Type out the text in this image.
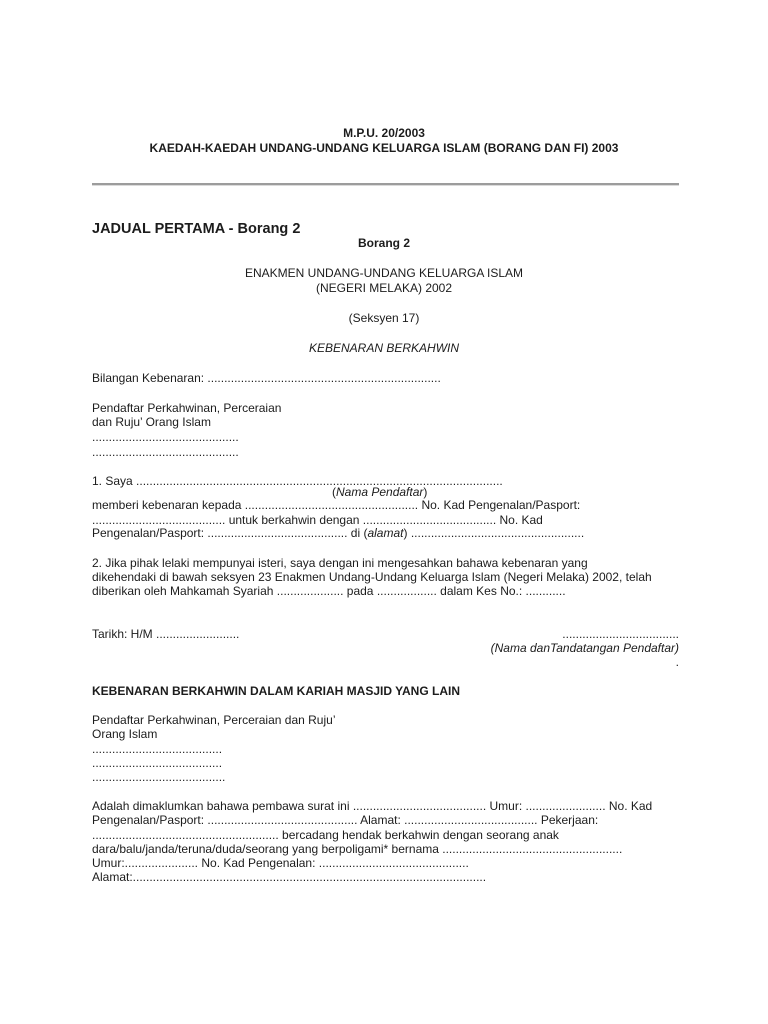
M.P.U. 20/2003
KAEDAH-KAEDAH UNDANG-UNDANG KELUARGA ISLAM (BORANG DAN FI) 2003
JADUAL PERTAMA - Borang 2
Borang 2
ENAKMEN UNDANG-UNDANG KELUARGA ISLAM
(NEGERI MELAKA) 2002
(Seksyen 17)
KEBENARAN BERKAHWIN
Bilangan Kebenaran: ......................................................................
Pendaftar Perkahwinan, Perceraian
dan Ruju’ Orang Islam
............................................
............................................
1. Saya ..............................................................................................................
(Nama Pendaftar)
memberi kebenaran kepada .................................................... No. Kad Pengenalan/Pasport:
........................................ untuk berkahwin dengan ........................................ No. Kad
Pengenalan/Pasport: .......................................... di (alamat) ....................................................
2. Jika pihak lelaki mempunyai isteri, saya dengan ini mengesahkan bahawa kebenaran yang
dikehendaki di bawah seksyen 23 Enakmen Undang-Undang Keluarga Islam (Negeri Melaka) 2002, telah
diberikan oleh Mahkamah Syariah .................... pada .................. dalam Kes No.: ............
Tarikh: H/M .........................	...................................
(Nama danTandatangan Pendaftar)
.
KEBENARAN BERKAHWIN DALAM KARIAH MASJID YANG LAIN
Pendaftar Perkahwinan, Perceraian dan Ruju’
Orang Islam
.......................................
.......................................
........................................
Adalah dimaklumkan bahawa pembawa surat ini ........................................ Umur: ........................ No. Kad
Pengenalan/Pasport: ............................................. Alamat: ........................................ Pekerjaan:
........................................................ bercadang hendak berkahwin dengan seorang anak
dara/balu/janda/teruna/duda/seorang yang berpoligami* bernama ......................................................
Umur:...................... No. Kad Pengenalan: .............................................
Alamat:..........................................................................................................
